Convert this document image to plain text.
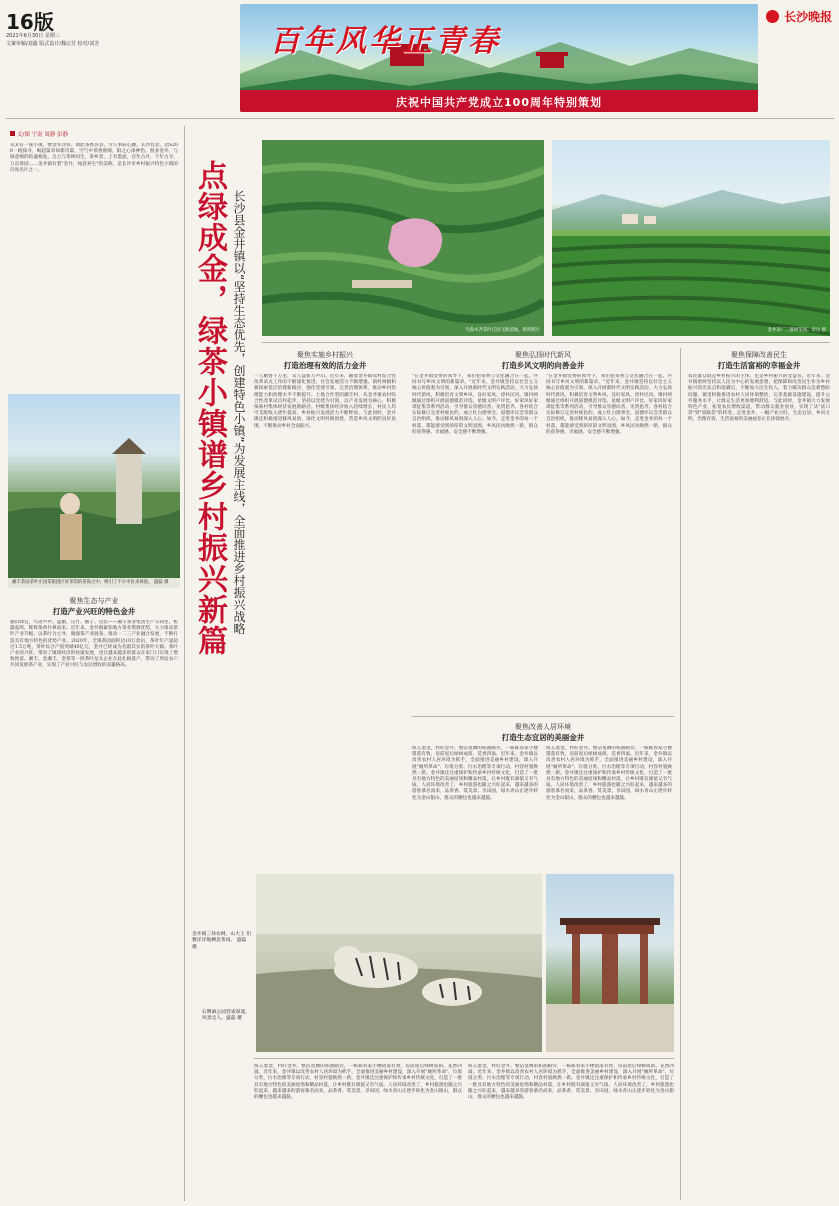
16版
2021年6月30日 星期三
文案审稿/刘鑫 版式设计/魏宗芳 校对/刘芳	百年风华正青春
庆祝中国共产党成立100周年特别策划
长沙晚报
文/图 宁南 周静 彭静
从未有一座小镇，像金井这样。如此茶香袅袅，令人事跃心跳。长沙往北，沿S206一路探寻，喝起篇章如新诗篇，空气中茶香绵绵，阳之心扉神怡。很多金井，与绿意绵的结盛相连。自古与茶林同生，茶乡景，上有墨面，百年古井，千年古寺，万亩茶园……金井镇有着"金井，绿意养生"的美称，是长沙市乡村振兴特色小镇的闪亮名片之一。
湘丰茶园茶叶庄园茶旅园区好茶馆的茶海之中，吸引了不少市民来体验。 盛磊 摄
聚焦生态与产业
打造产业兴旺的特色金井
独山绿宜，鸟语声声。蓝鹅，压竹、猴子、包装——湘丰茶业集团生产车间里，机器轰鸣，辉辉茶香扑鼻而来。近年来，金井镇紧扣地方茶业资源优势，大力推动茶叶产业升级，以茶叶为主导，做强茶产业链条，推动一二三产业融合发展，不断打造具有地方特色的优势产业。2020年，全镇茶园面积达10万余亩，茶叶年产量超过1.5万吨，茶叶综合产值突破40亿元，金井已经成为名副其实的茶叶大镇。茶叶产业的兴旺，带动了镇域经济的快速发展，也让越来越多的群众在家门口实现了增收致富。湘丰、金湘丰、金茶等一批茶叶龙头企业在此扎根落户，带动了周边农户共同发展茶产业，实现了产业兴旺与农民增收的双赢格局。
点绿成金，绿茶小镇谱乡村振兴新篇 长沙县金井镇以“坚持生态优先，创建特色小镇”为发展主线，全面推进乡村振兴战略	乌鲁木齐茶叶庄园飞航基地。资料照片	金井茶厂三群树茶园。章岳 摄
聚焦实施乡村振兴
打造治理有效的活力金井
一人糖香千万里，众人益新万声山。近年来，随着金井镇农村综合性改革试点工作的不断深化推进，社会发展活力不断增强。镇村两级积极探索基层治理新路径，强化党建引领，完善治理体系，推动乡村治理能力和治理水平不断提升。土地合作型的湘丰村，从金井镇农村综合性改革试点村起步，坚持以党建为引领，以产业发展为核心，积极探索村集体经济发展新路径。村级集体经济收入持续增长，村民人均可支配收入逐年提高，乡村振兴发展活力不断释放。与此同时，金井镇还积极推进移风易俗，深化文明村镇创建，营造乡风文明的良好氛围，不断推动乡村全面振兴。
聚焦弘扬时代新风
打造乡风文明的向善金井
"在金井镇党委的领导下，我们把茶香与文化融合在一起，共同书写乡风文明的新篇章。"近年来，金井镇坚持以社会主义核心价值观为引领，深入开展新时代文明实践活动，大力弘扬时代新风，积极培育文明乡风、良好家风、淳朴民风。镇村两级通过组织开展道德模范评选、星级文明户评比、好家风好家训征集等系列活动，引导群众崇德向善、见贤思齐。各村结合实际修订完善村规民约，成立红白理事会、道德评议会等群众自治组织，推动移风易俗深入人心。如今，走进金井的每一个村落，都能感受到浓厚的文明氛围，乡风民风焕然一新，群众的获得感、幸福感、安全感不断增强。
"在金井镇党委的领导下，我们把茶香与文化融合在一起，共同书写乡风文明的新篇章。"近年来，金井镇坚持以社会主义核心价值观为引领，深入开展新时代文明实践活动，大力弘扬时代新风，积极培育文明乡风、良好家风、淳朴民风。镇村两级通过组织开展道德模范评选、星级文明户评比、好家风好家训征集等系列活动，引导群众崇德向善、见贤思齐。各村结合实际修订完善村规民约，成立红白理事会、道德评议会等群众自治组织，推动移风易俗深入人心。如今，走进金井的每一个村落，都能感受到浓厚的文明氛围，乡风民风焕然一新，群众的获得感、幸福感、安全感不断增强。
聚焦保障改善民生
打造生活富裕的幸福金井
农民群众既是乡村振兴的主体，也是乡村振兴的受益者。近年来，金井镇始终坚持以人民为中心的发展思想，把保障和改善民生作为乡村振兴的出发点和落脚点，不断加大民生投入，着力解决群众急难愁盼问题。镇里积极推进农村人居环境整治，完善基础设施建设，提升公共服务水平，让群众生活更加便利舒适。与此同时，金井镇大力发展特色产业，拓宽农民增收渠道，带动群众就业创业，实现了从"富口袋"到"富脑袋"的转变。走进金井，一幅产业兴旺、生态宜居、乡风文明、治理有效、生活富裕的美丽画卷正在徐徐展开。
聚焦改善人居环境
打造生态宜居的美丽金井
炼玉墨金，村旺金井。整洁宽阔的柏油路旁，一栋栋农家小楼错落有致，房前屋后绿树成荫、花香四溢。近年来，金井镇以改善农村人居环境为抓手，全面推进美丽乡村建设，深入开展"厕所革命"、垃圾分类、污水治理等专项行动，村容村貌焕然一新。金井镇还注重保护和传承乡村传统文化，打造了一批具有地方特色的美丽屋场和精品村落，让乡村既有颜值又有气质。人居环境改善了，乡村旅游也随之兴旺起来，越来越多的游客慕名而来，品茶香、赏美景、享田园，绿水青山正逐步转化为金山银山，群众的腰包也越来越鼓。
炼玉墨金，村旺金井。整洁宽阔的柏油路旁，一栋栋农家小楼错落有致，房前屋后绿树成荫、花香四溢。近年来，金井镇以改善农村人居环境为抓手，全面推进美丽乡村建设，深入开展"厕所革命"、垃圾分类、污水治理等专项行动，村容村貌焕然一新。金井镇还注重保护和传承乡村传统文化，打造了一批具有地方特色的美丽屋场和精品村落，让乡村既有颜值又有气质。人居环境改善了，乡村旅游也随之兴旺起来，越来越多的游客慕名而来，品茶香、赏美景、享田园，绿水青山正逐步转化为金山银山，群众的腰包也越来越鼓。
金井镇三珍农网，山大王 们雅洋洋地栖息茶场。 盛磊 摄
石牌麻公园营雀谋谨，风景宜人。盛磊 摄
炼玉墨金，村旺金井。整洁宽阔的柏油路旁，一栋栋农家小楼错落有致，房前屋后绿树成荫、花香四溢。近年来，金井镇以改善农村人居环境为抓手，全面推进美丽乡村建设，深入开展"厕所革命"、垃圾分类、污水治理等专项行动，村容村貌焕然一新。金井镇还注重保护和传承乡村传统文化，打造了一批具有地方特色的美丽屋场和精品村落，让乡村既有颜值又有气质。人居环境改善了，乡村旅游也随之兴旺起来，越来越多的游客慕名而来，品茶香、赏美景、享田园，绿水青山正逐步转化为金山银山，群众的腰包也越来越鼓。
炼玉墨金，村旺金井。整洁宽阔的柏油路旁，一栋栋农家小楼错落有致，房前屋后绿树成荫、花香四溢。近年来，金井镇以改善农村人居环境为抓手，全面推进美丽乡村建设，深入开展"厕所革命"、垃圾分类、污水治理等专项行动，村容村貌焕然一新。金井镇还注重保护和传承乡村传统文化，打造了一批具有地方特色的美丽屋场和精品村落，让乡村既有颜值又有气质。人居环境改善了，乡村旅游也随之兴旺起来，越来越多的游客慕名而来，品茶香、赏美景、享田园，绿水青山正逐步转化为金山银山，群众的腰包也越来越鼓。
